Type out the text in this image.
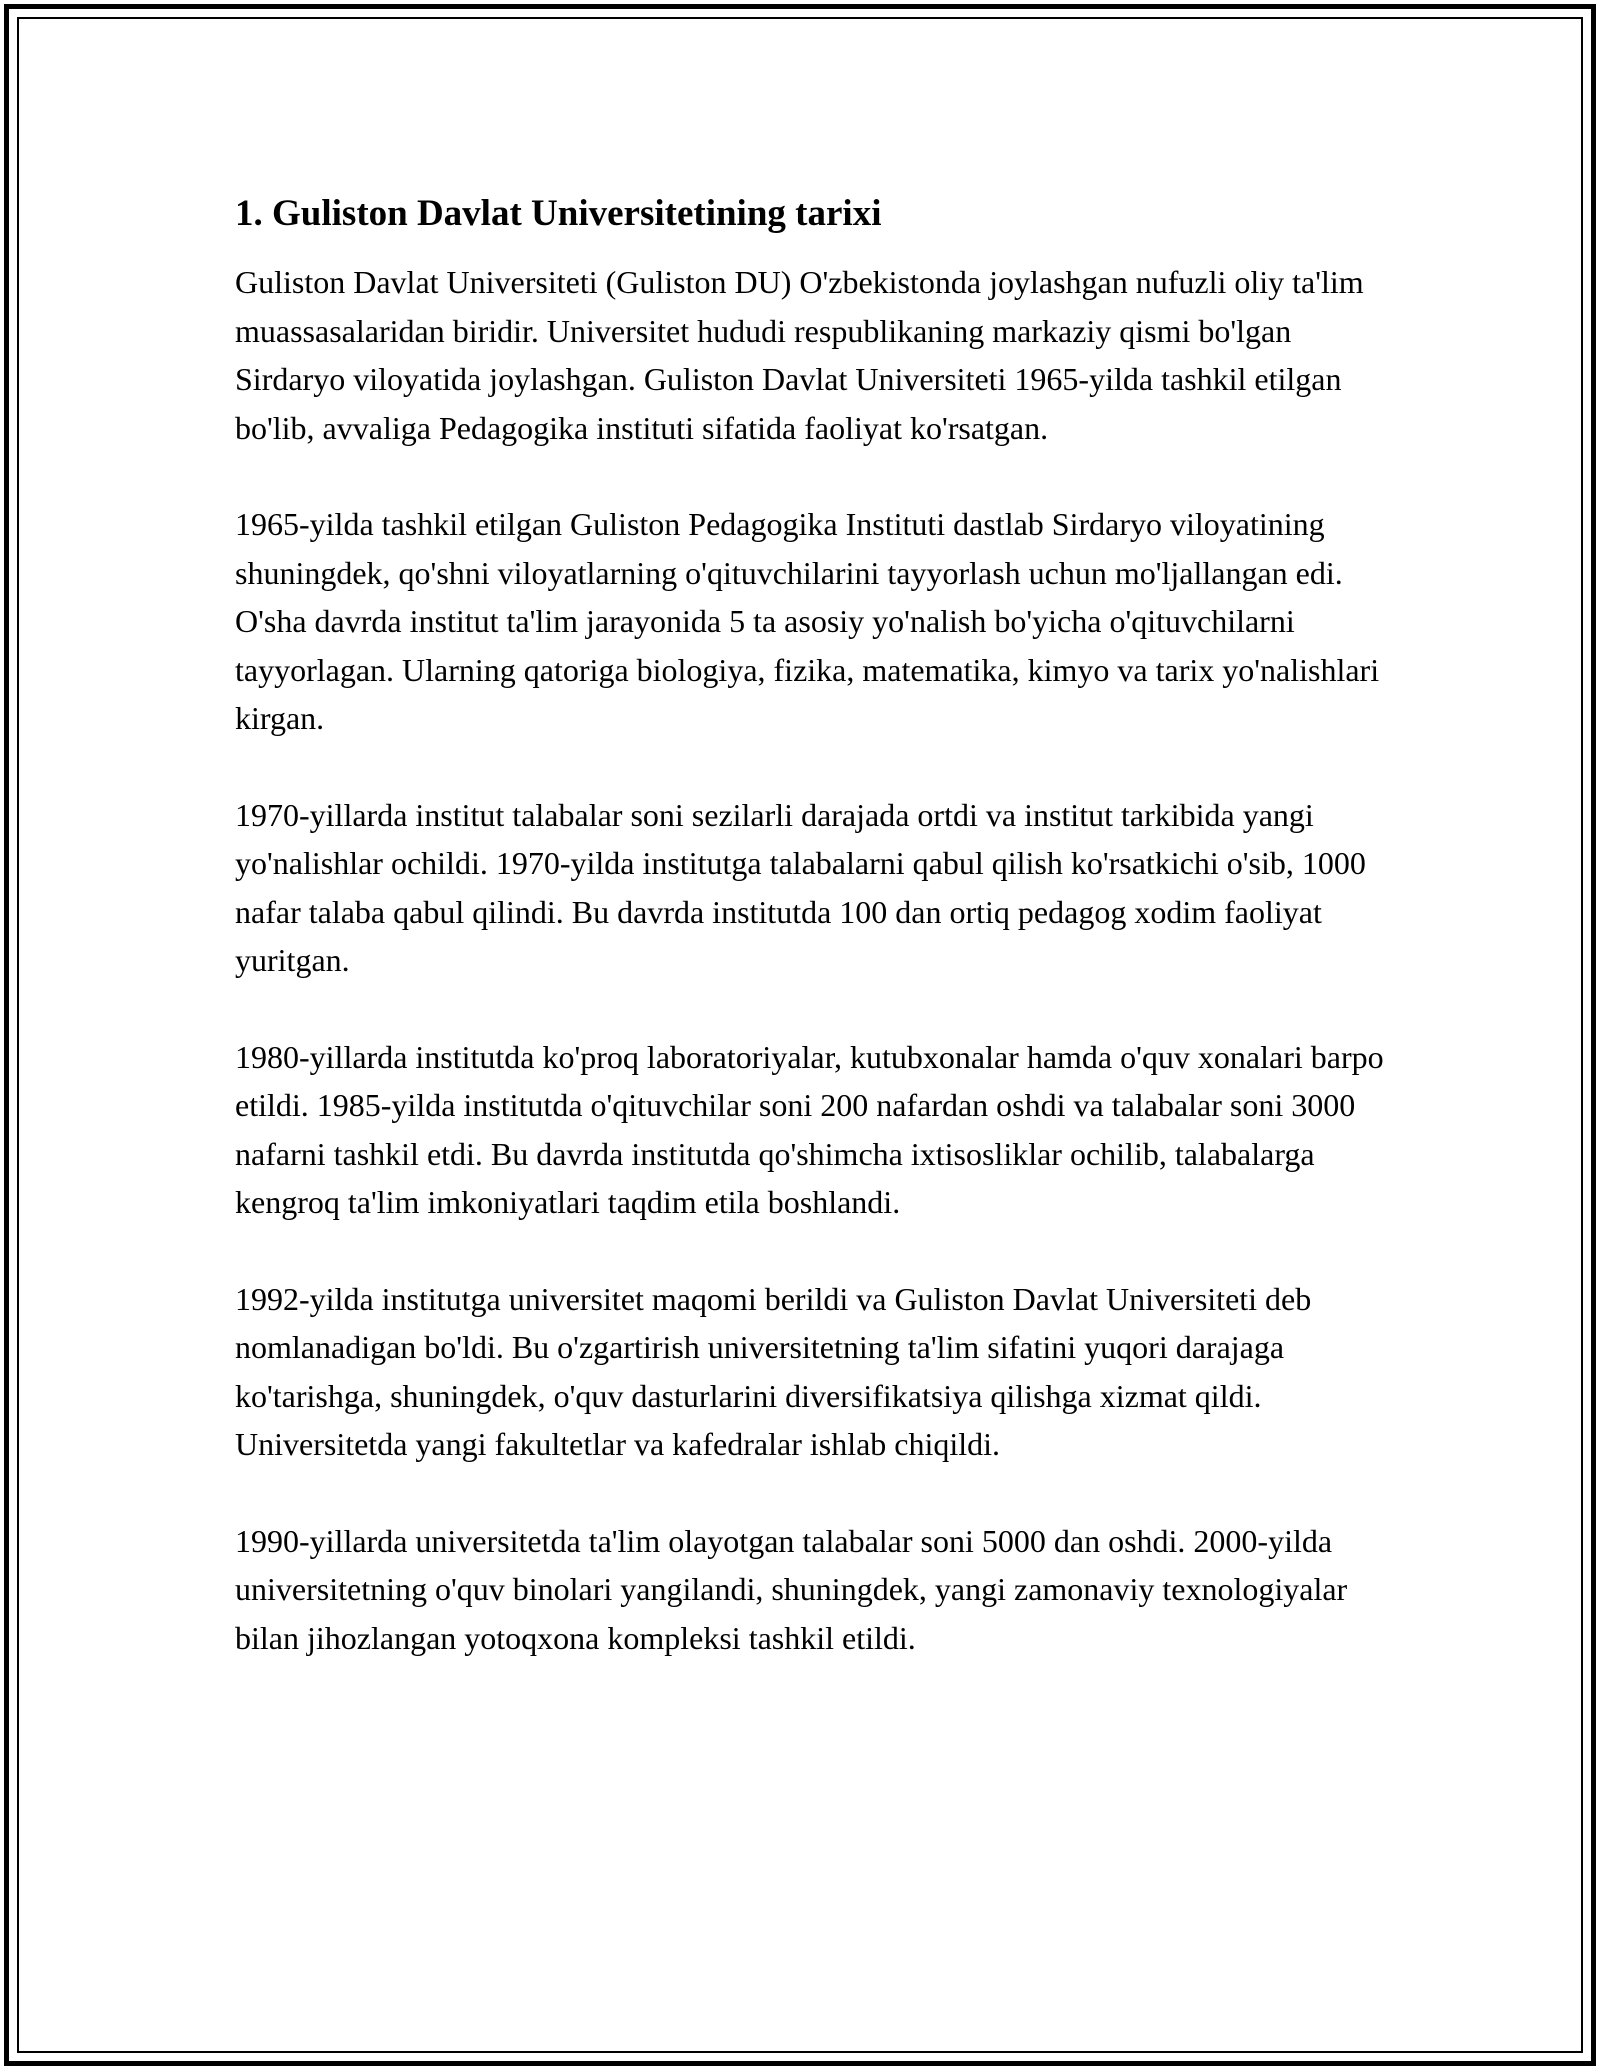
1. Guliston Davlat Universitetining tarixi

Guliston Davlat Universiteti (Guliston DU) O'zbekistonda joylashgan nufuzli oliy ta'lim muassasalaridan biridir. Universitet hududi respublikaning markaziy qismi bo'lgan Sirdaryo viloyatida joylashgan. Guliston Davlat Universiteti 1965-yilda tashkil etilgan bo'lib, avvaliga Pedagogika instituti sifatida faoliyat ko'rsatgan.

1965-yilda tashkil etilgan Guliston Pedagogika Instituti dastlab Sirdaryo viloyatining shuningdek, qo'shni viloyatlarning o'qituvchilarini tayyorlash uchun mo'ljallangan edi. O'sha davrda institut ta'lim jarayonida 5 ta asosiy yo'nalish bo'yicha o'qituvchilarni tayyorlagan. Ularning qatoriga biologiya, fizika, matematika, kimyo va tarix yo'nalishlari kirgan.

1970-yillarda institut talabalar soni sezilarli darajada ortdi va institut tarkibida yangi yo'nalishlar ochildi. 1970-yilda institutga talabalarni qabul qilish ko'rsatkichi o'sib, 1000 nafar talaba qabul qilindi. Bu davrda institutda 100 dan ortiq pedagog xodim faoliyat yuritgan.

1980-yillarda institutda ko'proq laboratoriyalar, kutubxonalar hamda o'quv xonalari barpo etildi. 1985-yilda institutda o'qituvchilar soni 200 nafardan oshdi va talabalar soni 3000 nafarni tashkil etdi. Bu davrda institutda qo'shimcha ixtisosliklar ochilib, talabalarga kengroq ta'lim imkoniyatlari taqdim etila boshlandi.

1992-yilda institutga universitet maqomi berildi va Guliston Davlat Universiteti deb nomlanadigan bo'ldi. Bu o'zgartirish universitetning ta'lim sifatini yuqori darajaga ko'tarishga, shuningdek, o'quv dasturlarini diversifikatsiya qilishga xizmat qildi. Universitetda yangi fakultetlar va kafedralar ishlab chiqildi.

1990-yillarda universitetda ta'lim olayotgan talabalar soni 5000 dan oshdi. 2000-yilda universitetning o'quv binolari yangilandi, shuningdek, yangi zamonaviy texnologiyalar bilan jihozlangan yotoqxona kompleksi tashkil etildi.
